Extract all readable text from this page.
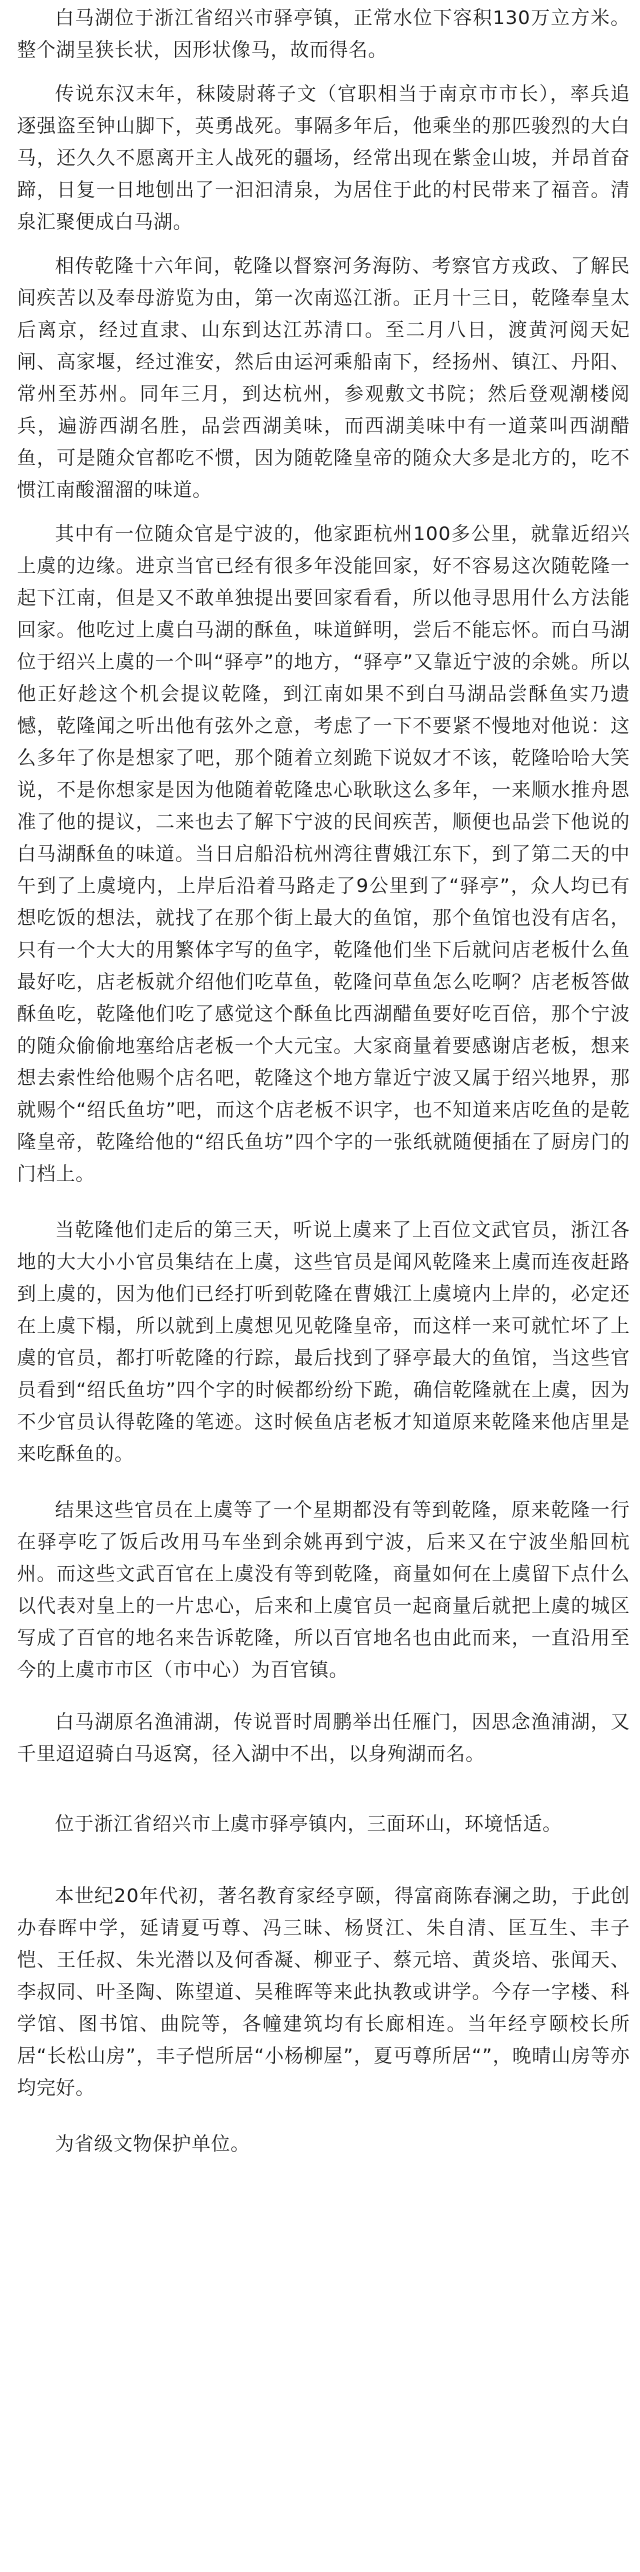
白马湖位于浙江省绍兴市驿亭镇，正常水位下容积130万立方米。整个湖呈狭长状，因形状像马，故而得名。

传说东汉末年，秣陵尉蒋子文（官职相当于南京市市长），率兵追逐强盗至钟山脚下，英勇战死。事隔多年后，他乘坐的那匹骏烈的大白马，还久久不愿离开主人战死的疆场，经常出现在紫金山坡，并昂首奋蹄，日复一日地刨出了一汩汩清泉，为居住于此的村民带来了福音。清泉汇聚便成白马湖。

相传乾隆十六年间，乾隆以督察河务海防、考察官方戎政、了解民间疾苦以及奉母游览为由，第一次南巡江浙。正月十三日，乾隆奉皇太后离京，经过直隶、山东到达江苏清口。至二月八日，渡黄河阅天妃闸、高家堰，经过淮安，然后由运河乘船南下，经扬州、镇江、丹阳、常州至苏州。同年三月，到达杭州，参观敷文书院；然后登观潮楼阅兵，遍游西湖名胜，品尝西湖美味，而西湖美味中有一道菜叫西湖醋鱼，可是随众官都吃不惯，因为随乾隆皇帝的随众大多是北方的，吃不惯江南酸溜溜的味道。

其中有一位随众官是宁波的，他家距杭州100多公里，就靠近绍兴上虞的边缘。进京当官已经有很多年没能回家，好不容易这次随乾隆一起下江南，但是又不敢单独提出要回家看看，所以他寻思用什么方法能回家。他吃过上虞白马湖的酥鱼，味道鲜明，尝后不能忘怀。而白马湖位于绍兴上虞的一个叫“驿亭”的地方，“驿亭”又靠近宁波的余姚。所以他正好趁这个机会提议乾隆，到江南如果不到白马湖品尝酥鱼实乃遗憾，乾隆闻之听出他有弦外之意，考虑了一下不要紧不慢地对他说：这么多年了你是想家了吧，那个随着立刻跪下说奴才不该，乾隆哈哈大笑说，不是你想家是因为他随着乾隆忠心耿耿这么多年，一来顺水推舟恩准了他的提议，二来也去了解下宁波的民间疾苦，顺便也品尝下他说的白马湖酥鱼的味道。当日启船沿杭州湾往曹娥江东下，到了第二天的中午到了上虞境内，上岸后沿着马路走了9公里到了“驿亭”，众人均已有想吃饭的想法，就找了在那个街上最大的鱼馆，那个鱼馆也没有店名，只有一个大大的用繁体字写的鱼字，乾隆他们坐下后就问店老板什么鱼最好吃，店老板就介绍他们吃草鱼，乾隆问草鱼怎么吃啊？店老板答做酥鱼吃，乾隆他们吃了感觉这个酥鱼比西湖醋鱼要好吃百倍，那个宁波的随众偷偷地塞给店老板一个大元宝。大家商量着要感谢店老板，想来想去索性给他赐个店名吧，乾隆这个地方靠近宁波又属于绍兴地界，那就赐个“绍氏鱼坊”吧，而这个店老板不识字，也不知道来店吃鱼的是乾隆皇帝，乾隆给他的“绍氏鱼坊”四个字的一张纸就随便插在了厨房门的门档上。

当乾隆他们走后的第三天，听说上虞来了上百位文武官员，浙江各地的大大小小官员集结在上虞，这些官员是闻风乾隆来上虞而连夜赶路到上虞的，因为他们已经打听到乾隆在曹娥江上虞境内上岸的，必定还在上虞下榻，所以就到上虞想见见乾隆皇帝，而这样一来可就忙坏了上虞的官员，都打听乾隆的行踪，最后找到了驿亭最大的鱼馆，当这些官员看到“绍氏鱼坊”四个字的时候都纷纷下跪，确信乾隆就在上虞，因为不少官员认得乾隆的笔迹。这时候鱼店老板才知道原来乾隆来他店里是来吃酥鱼的。

结果这些官员在上虞等了一个星期都没有等到乾隆，原来乾隆一行在驿亭吃了饭后改用马车坐到余姚再到宁波，后来又在宁波坐船回杭州。而这些文武百官在上虞没有等到乾隆，商量如何在上虞留下点什么以代表对皇上的一片忠心，后来和上虞官员一起商量后就把上虞的城区写成了百官的地名来告诉乾隆，所以百官地名也由此而来，一直沿用至今的上虞市市区（市中心）为百官镇。

白马湖原名渔浦湖，传说晋时周鹏举出任雁门，因思念渔浦湖，又千里迢迢骑白马返窝，径入湖中不出，以身殉湖而名。

位于浙江省绍兴市上虞市驿亭镇内，三面环山，环境恬适。

本世纪20年代初，著名教育家经亨颐，得富商陈春澜之助，于此创办春晖中学，延请夏丏尊、冯三昧、杨贤江、朱自清、匡互生、丰子恺、王任叔、朱光潜以及何香凝、柳亚子、蔡元培、黄炎培、张闻天、李叔同、叶圣陶、陈望道、吴稚晖等来此执教或讲学。今存一字楼、科学馆、图书馆、曲院等，各幢建筑均有长廊相连。当年经亨颐校长所居“长松山房”，丰子恺所居“小杨柳屋”，夏丏尊所居“”，晚晴山房等亦均完好。

为省级文物保护单位。
